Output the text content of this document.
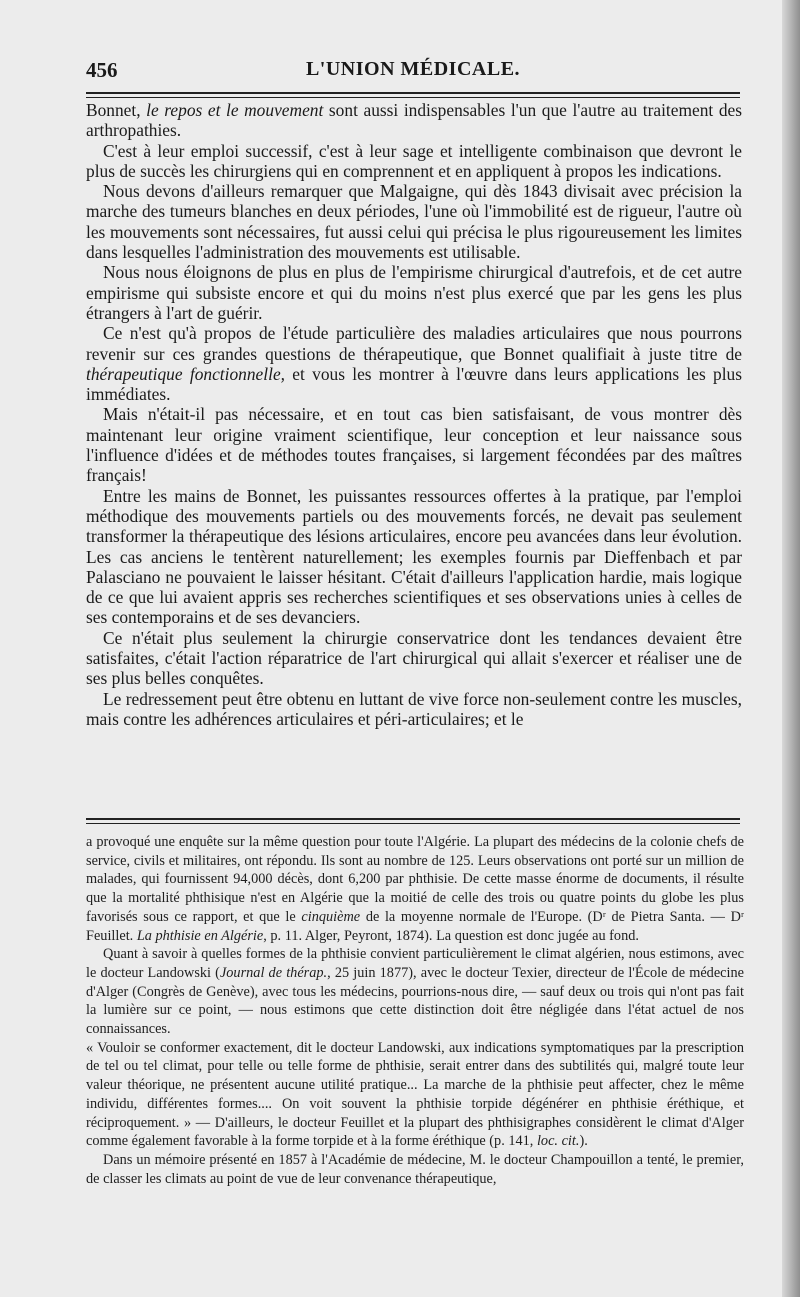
456	L'UNION MÉDICALE.

Bonnet, le repos et le mouvement sont aussi indispensables l'un que l'autre au traitement des arthropathies.

C'est à leur emploi successif, c'est à leur sage et intelligente combinaison que devront le plus de succès les chirurgiens qui en comprennent et en appliquent à propos les indications.

Nous devons d'ailleurs remarquer que Malgaigne, qui dès 1843 divisait avec précision la marche des tumeurs blanches en deux périodes, l'une où l'immobilité est de rigueur, l'autre où les mouvements sont nécessaires, fut aussi celui qui précisa le plus rigoureusement les limites dans lesquelles l'administration des mouvements est utilisable.

Nous nous éloignons de plus en plus de l'empirisme chirurgical d'autrefois, et de cet autre empirisme qui subsiste encore et qui du moins n'est plus exercé que par les gens les plus étrangers à l'art de guérir.

Ce n'est qu'à propos de l'étude particulière des maladies articulaires que nous pourrons revenir sur ces grandes questions de thérapeutique, que Bonnet qualifiait à juste titre de thérapeutique fonctionnelle, et vous les montrer à l'œuvre dans leurs applications les plus immédiates.

Mais n'était-il pas nécessaire, et en tout cas bien satisfaisant, de vous montrer dès maintenant leur origine vraiment scientifique, leur conception et leur naissance sous l'influence d'idées et de méthodes toutes françaises, si largement fécondées par des maîtres français!

Entre les mains de Bonnet, les puissantes ressources offertes à la pratique, par l'emploi méthodique des mouvements partiels ou des mouvements forcés, ne devait pas seulement transformer la thérapeutique des lésions articulaires, encore peu avancées dans leur évolution. Les cas anciens le tentèrent naturellement; les exemples fournis par Dieffenbach et par Palasciano ne pouvaient le laisser hésitant. C'était d'ailleurs l'application hardie, mais logique de ce que lui avaient appris ses recherches scientifiques et ses observations unies à celles de ses contemporains et de ses devanciers.

Ce n'était plus seulement la chirurgie conservatrice dont les tendances devaient être satisfaites, c'était l'action réparatrice de l'art chirurgical qui allait s'exercer et réaliser une de ses plus belles conquêtes.

Le redressement peut être obtenu en luttant de vive force non-seulement contre les muscles, mais contre les adhérences articulaires et péri-articulaires; et le

a provoqué une enquête sur la même question pour toute l'Algérie. La plupart des médecins de la colonie chefs de service, civils et militaires, ont répondu. Ils sont au nombre de 125. Leurs observations ont porté sur un million de malades, qui fournissent 94,000 décès, dont 6,200 par phthisie. De cette masse énorme de documents, il résulte que la mortalité phthisique n'est en Algérie que la moitié de celle des trois ou quatre points du globe les plus favorisés sous ce rapport, et que le cinquième de la moyenne normale de l'Europe. (Dʳ de Pietra Santa. — Dʳ Feuillet. La phthisie en Algérie, p. 11. Alger, Peyront, 1874). La question est donc jugée au fond.

Quant à savoir à quelles formes de la phthisie convient particulièrement le climat algérien, nous estimons, avec le docteur Landowski (Journal de thérap., 25 juin 1877), avec le docteur Texier, directeur de l'École de médecine d'Alger (Congrès de Genève), avec tous les médecins, pourrions-nous dire, — sauf deux ou trois qui n'ont pas fait la lumière sur ce point, — nous estimons que cette distinction doit être négligée dans l'état actuel de nos connaissances.

« Vouloir se conformer exactement, dit le docteur Landowski, aux indications symptomatiques par la prescription de tel ou tel climat, pour telle ou telle forme de phthisie, serait entrer dans des subtilités qui, malgré toute leur valeur théorique, ne présentent aucune utilité pratique... La marche de la phthisie peut affecter, chez le même individu, différentes formes.... On voit souvent la phthisie torpide dégénérer en phthisie éréthique, et réciproquement. » — D'ailleurs, le docteur Feuillet et la plupart des phthisigraphes considèrent le climat d'Alger comme également favorable à la forme torpide et à la forme éréthique (p. 141, loc. cit.).

Dans un mémoire présenté en 1857 à l'Académie de médecine, M. le docteur Champouillon a tenté, le premier, de classer les climats au point de vue de leur convenance thérapeutique,
